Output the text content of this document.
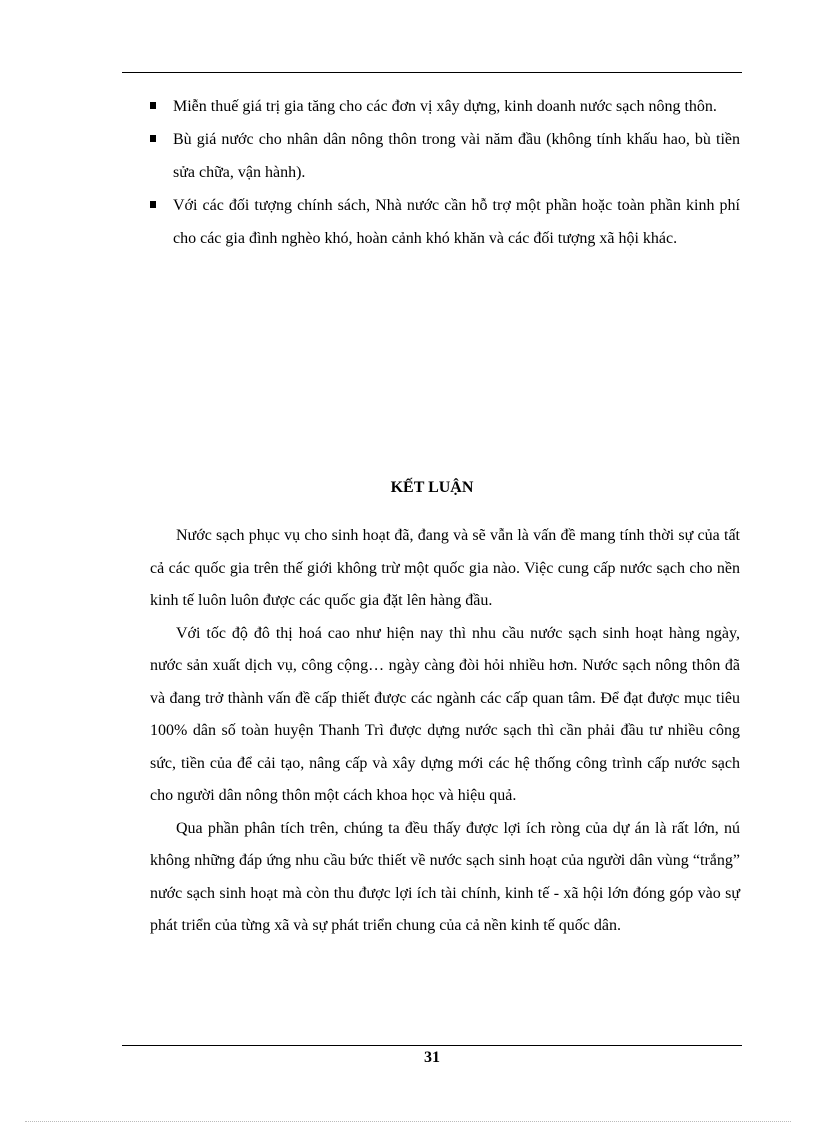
Miễn thuế giá trị gia tăng cho các đơn vị xây dựng, kinh doanh nước sạch nông thôn.
Bù giá nước cho nhân dân nông thôn trong vài năm đầu (không tính khấu hao, bù tiền sửa chữa, vận hành).
Với các đối tượng chính sách, Nhà nước cần hỗ trợ một phần hoặc toàn phần kinh phí cho các gia đình nghèo khó, hoàn cảnh khó khăn và các đối tượng xã hội khác.
KẾT LUẬN

Nước sạch phục vụ cho sinh hoạt đã, đang và sẽ vẫn là vấn đề mang tính thời sự của tất cả các quốc gia trên thế giới không trừ một quốc gia nào. Việc cung cấp nước sạch cho nền kinh tế luôn luôn được các quốc gia đặt lên hàng đầu.

Với tốc độ đô thị hoá cao như hiện nay thì nhu cầu nước sạch sinh hoạt hàng ngày, nước sản xuất dịch vụ, công cộng… ngày càng đòi hỏi nhiều hơn. Nước sạch nông thôn đã và đang trở thành vấn đề cấp thiết được các ngành các cấp quan tâm. Để đạt được mục tiêu 100% dân số toàn huyện Thanh Trì được dựng nước sạch thì cần phải đầu tư nhiều công sức, tiền của để cải tạo, nâng cấp và xây dựng mới các hệ thống công trình cấp nước sạch cho người dân nông thôn một cách khoa học và hiệu quả.

Qua phần phân tích trên, chúng ta đều thấy được lợi ích ròng của dự án là rất lớn, nú không những đáp ứng nhu cầu bức thiết về nước sạch sinh hoạt của người dân vùng “trắng” nước sạch sinh hoạt mà còn thu được lợi ích tài chính, kinh tế - xã hội lớn đóng góp vào sự phát triển của từng xã và sự phát triển chung của cả nền kinh tế quốc dân.

31
